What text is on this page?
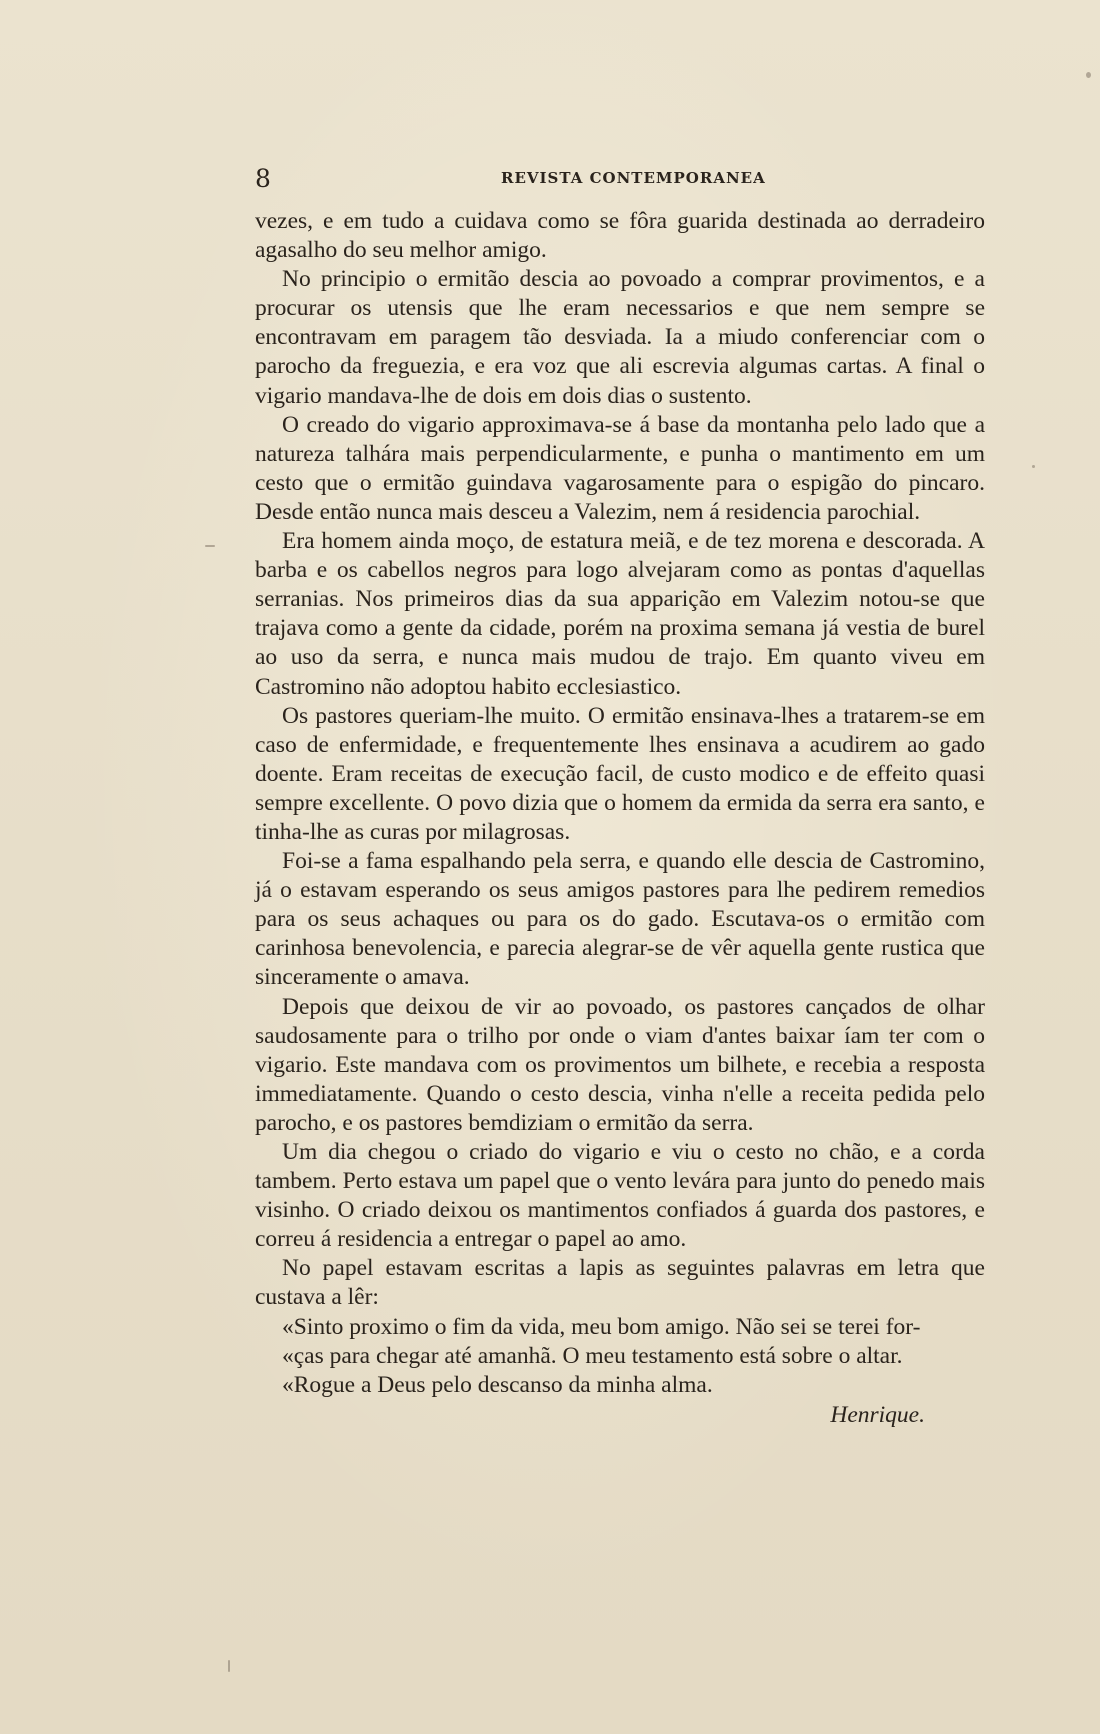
8	REVISTA CONTEMPORANEA

vezes, e em tudo a cuidava como se fôra guarida destinada ao derradeiro agasalho do seu melhor amigo.

No principio o ermitão descia ao povoado a comprar provimentos, e a procurar os utensis que lhe eram necessarios e que nem sempre se encontravam em paragem tão desviada. Ia a miudo conferenciar com o parocho da freguezia, e era voz que ali escrevia algumas cartas. A final o vigario mandava-lhe de dois em dois dias o sustento.

O creado do vigario approximava-se á base da montanha pelo lado que a natureza talhára mais perpendicularmente, e punha o mantimento em um cesto que o ermitão guindava vagarosamente para o espigão do pincaro. Desde então nunca mais desceu a Valezim, nem á residencia parochial.

Era homem ainda moço, de estatura meiã, e de tez morena e descorada. A barba e os cabellos negros para logo alvejaram como as pontas d'aquellas serranias. Nos primeiros dias da sua apparição em Valezim notou-se que trajava como a gente da cidade, porém na proxima semana já vestia de burel ao uso da serra, e nunca mais mudou de trajo. Em quanto viveu em Castromino não adoptou habito ecclesiastico.

Os pastores queriam-lhe muito. O ermitão ensinava-lhes a tratarem-se em caso de enfermidade, e frequentemente lhes ensinava a acudirem ao gado doente. Eram receitas de execução facil, de custo modico e de effeito quasi sempre excellente. O povo dizia que o homem da ermida da serra era santo, e tinha-lhe as curas por milagrosas.

Foi-se a fama espalhando pela serra, e quando elle descia de Castromino, já o estavam esperando os seus amigos pastores para lhe pedirem remedios para os seus achaques ou para os do gado. Escutava-os o ermitão com carinhosa benevolencia, e parecia alegrar-se de vêr aquella gente rustica que sinceramente o amava.

Depois que deixou de vir ao povoado, os pastores cançados de olhar saudosamente para o trilho por onde o viam d'antes baixar íam ter com o vigario. Este mandava com os provimentos um bilhete, e recebia a resposta immediatamente. Quando o cesto descia, vinha n'elle a receita pedida pelo parocho, e os pastores bemdiziam o ermitão da serra.

Um dia chegou o criado do vigario e viu o cesto no chão, e a corda tambem. Perto estava um papel que o vento levára para junto do penedo mais visinho. O criado deixou os mantimentos confiados á guarda dos pastores, e correu á residencia a entregar o papel ao amo.

No papel estavam escritas a lapis as seguintes palavras em letra que custava a lêr:

«Sinto proximo o fim da vida, meu bom amigo. Não sei se terei for-

«ças para chegar até amanhã. O meu testamento está sobre o altar.

«Rogue a Deus pelo descanso da minha alma.

Henrique.
